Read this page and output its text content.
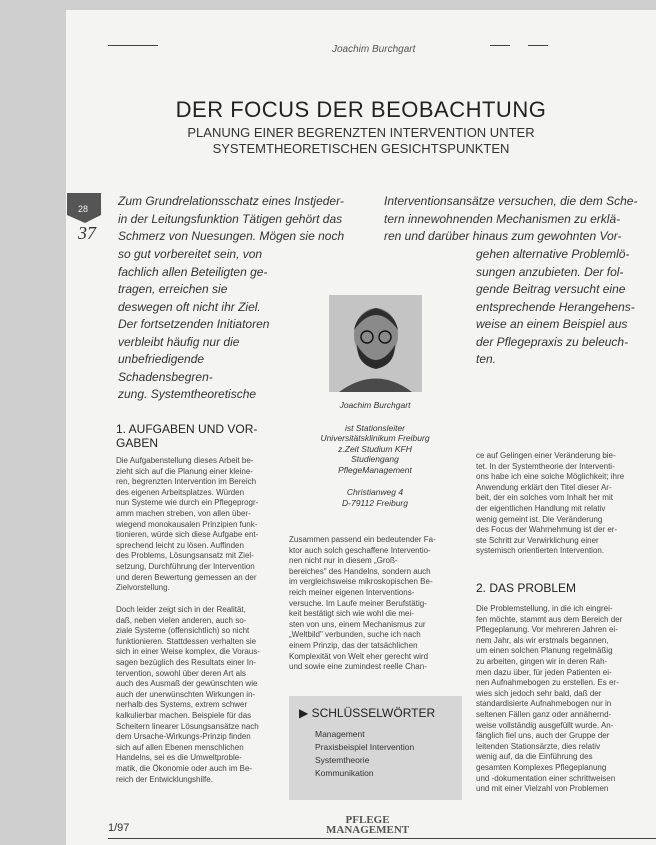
Joachim Burchgart
DER FOCUS DER BEOBACHTUNG
PLANUNG EINER BEGRENZTEN INTERVENTION UNTER
SYSTEMTHEORETISCHEN GESICHTSPUNKTEN
28
37
Zum Grundrelationsschatz eines Instjeder-
in der Leitungsfunktion Tätigen gehört das
Schmerz von Nuesungen. Mögen sie noch
so gut vorbereitet sein, von
fachlich allen Beteiligten ge-
tragen, erreichen sie
deswegen oft nicht ihr Ziel.
Der fortsetzenden Initiatoren
verbleibt häufig nur die
unbefriedigende Schadensbegren-
zung. Systemtheoretische
Interventionsansätze versuchen, die dem Sche-
tern innewohnenden Mechanismen zu erklä-
ren und darüber hinaus zum gewohnten Vor-
gehen alternative Problemlö-
sungen anzubieten. Der fol-
gende Beitrag versucht eine
entsprechende Herangehens-
weise an einem Beispiel aus
der Pflegepraxis zu beleuch-
ten.
Joachim Burchgart
ist Stationsleiter
Universitätsklinikum Freiburg
z.Zeit Studium KFH
Studiengang
PflegeManagement
Christianweg 4
D-79112 Freiburg
1. AUFGABEN UND VOR-
GABEN
Die Aufgabenstellung dieses Arbeit be-
zieht sich auf die Planung einer kleine-
ren, begrenzten Intervention im Bereich
des eigenen Arbeitsplatzes. Würden
nun Systeme wie durch ein Pflegeprogr-
amm machen streben, von allen über-
wiegend monokausalen Prinzipien funk-
tionieren, würde sich diese Aufgabe ent-
sprechend leicht zu lösen. Auffinden
des Problems, Lösungsansatz mit Ziel-
setzung, Durchführung der Intervention
und deren Bewertung gemessen an der
Zielvorstellung.
Doch leider zeigt sich in der Realität,
daß, neben vielen anderen, auch so-
ziale Systeme (offensichtlich) so nicht
funktionieren. Stattdessen verhalten sie
sich in einer Weise komplex, die Voraus-
sagen bezüglich des Resultats einer In-
tervention, sowohl über deren Art als
auch des Ausmaß der gewünschten wie
auch der unerwünschten Wirkungen in-
nerhalb des Systems, extrem schwer
kalkulierbar machen. Beispiele für das
Scheitern linearer Lösungsansätze nach
dem Ursache-Wirkungs-Prinzip finden
sich auf allen Ebenen menschlichen
Handelns, sei es die Umweltproble-
matik, die Ökonomie oder auch im Be-
reich der Entwicklungshilfe.
Zusammen passend ein bedeutender Fa-
ktor auch solch geschaffene Interventio-
nen nicht nur in diesem „Groß-
bereiches" des Handelns, sondern auch
im vergleichsweise mikroskopischen Be-
reich meiner eigenen Interventions-
versuche. Im Laufe meiner Berufstätig-
keit bestätigt sich wie wohl die mei-
sten von uns, einem Mechanismus zur
„Weltbild" verbunden, suche ich nach
einem Prinzip, das der tatsächlichen
Komplexität von Welt eher gerecht wird
und sowie eine zumindest reelle Chan-
▶ SCHLÜSSELWÖRTER
Management
Praxisbeispiel Intervention
Systemtheorie
Kommunikation
ce auf Gelingen einer Veränderung bie-
tet. In der Systemtheorie der Interventi-
ons habe ich eine solche Möglichkeit; ihre
Anwendung erklärt den Titel dieser Ar-
beit, der ein solches vom Inhalt her mit
der eigentlichen Handlung mit relativ
wenig gemeint ist. Die Veränderung
des Focus der Wahrnehmung ist der er-
ste Schritt zur Verwirklichung einer
systemisch orientierten Intervention.
2. DAS PROBLEM
Die Problemstellung, in die ich eingrei-
fen möchte, stammt aus dem Bereich der
Pflegeplanung. Vor mehreren Jahren ei-
nem Jahr, als wir erstmals begannen,
um einen solchen Planung regelmäßig
zu arbeiten, gingen wir in deren Rah-
men dazu über, für jeden Patienten ei-
nen Aufnahmebogen zu erstellen. Es er-
wies sich jedoch sehr bald, daß der
standardisierte Aufnahmebogen nur in
seltenen Fällen ganz oder annähernd-
weise vollständig ausgefüllt wurde. An-
fänglich fiel uns, auch der Gruppe der
leitenden Stationsärzte, dies relativ
wenig auf, da die Einführung des
gesamten Komplexes Pflegeplanung
und -dokumentation einer schrittweisen
und mit einer Vielzahl von Problemen
1/97
PFLEGE
MANAGEMENT
